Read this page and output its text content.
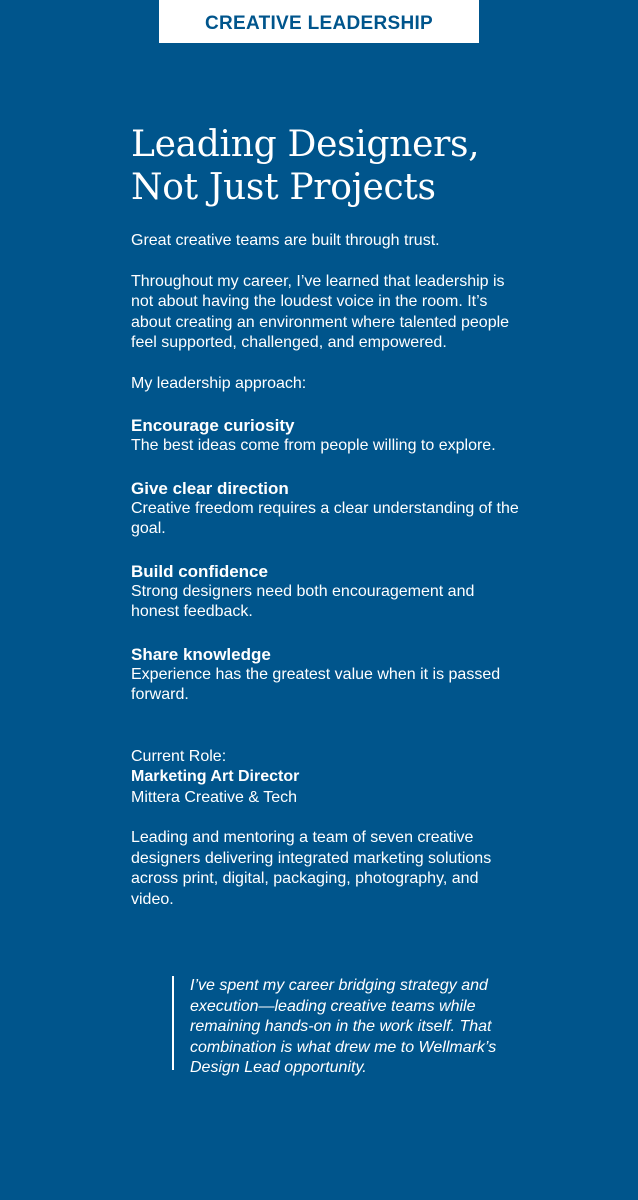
CREATIVE LEADERSHIP
Leading Designers,
Not Just Projects

Great creative teams are built through trust.

Throughout my career, I’ve learned that leadership is not about having the loudest voice in the room. It’s about creating an environment where talented people feel supported, challenged, and empowered.

My leadership approach:

Encourage curiosity
The best ideas come from people willing to explore.
Give clear direction
Creative freedom requires a clear understanding of the goal.
Build confidence
Strong designers need both encouragement and honest feedback.
Share knowledge
Experience has the greatest value when it is passed forward.
Current Role:
Marketing Art Director
Mittera Creative & Tech

Leading and mentoring a team of seven creative designers delivering integrated marketing solutions across print, digital, packaging, photography, and video.

I’ve spent my career bridging strategy and execution—leading creative teams while remaining hands-on in the work itself. That combination is what drew me to Wellmark’s Design Lead opportunity.
